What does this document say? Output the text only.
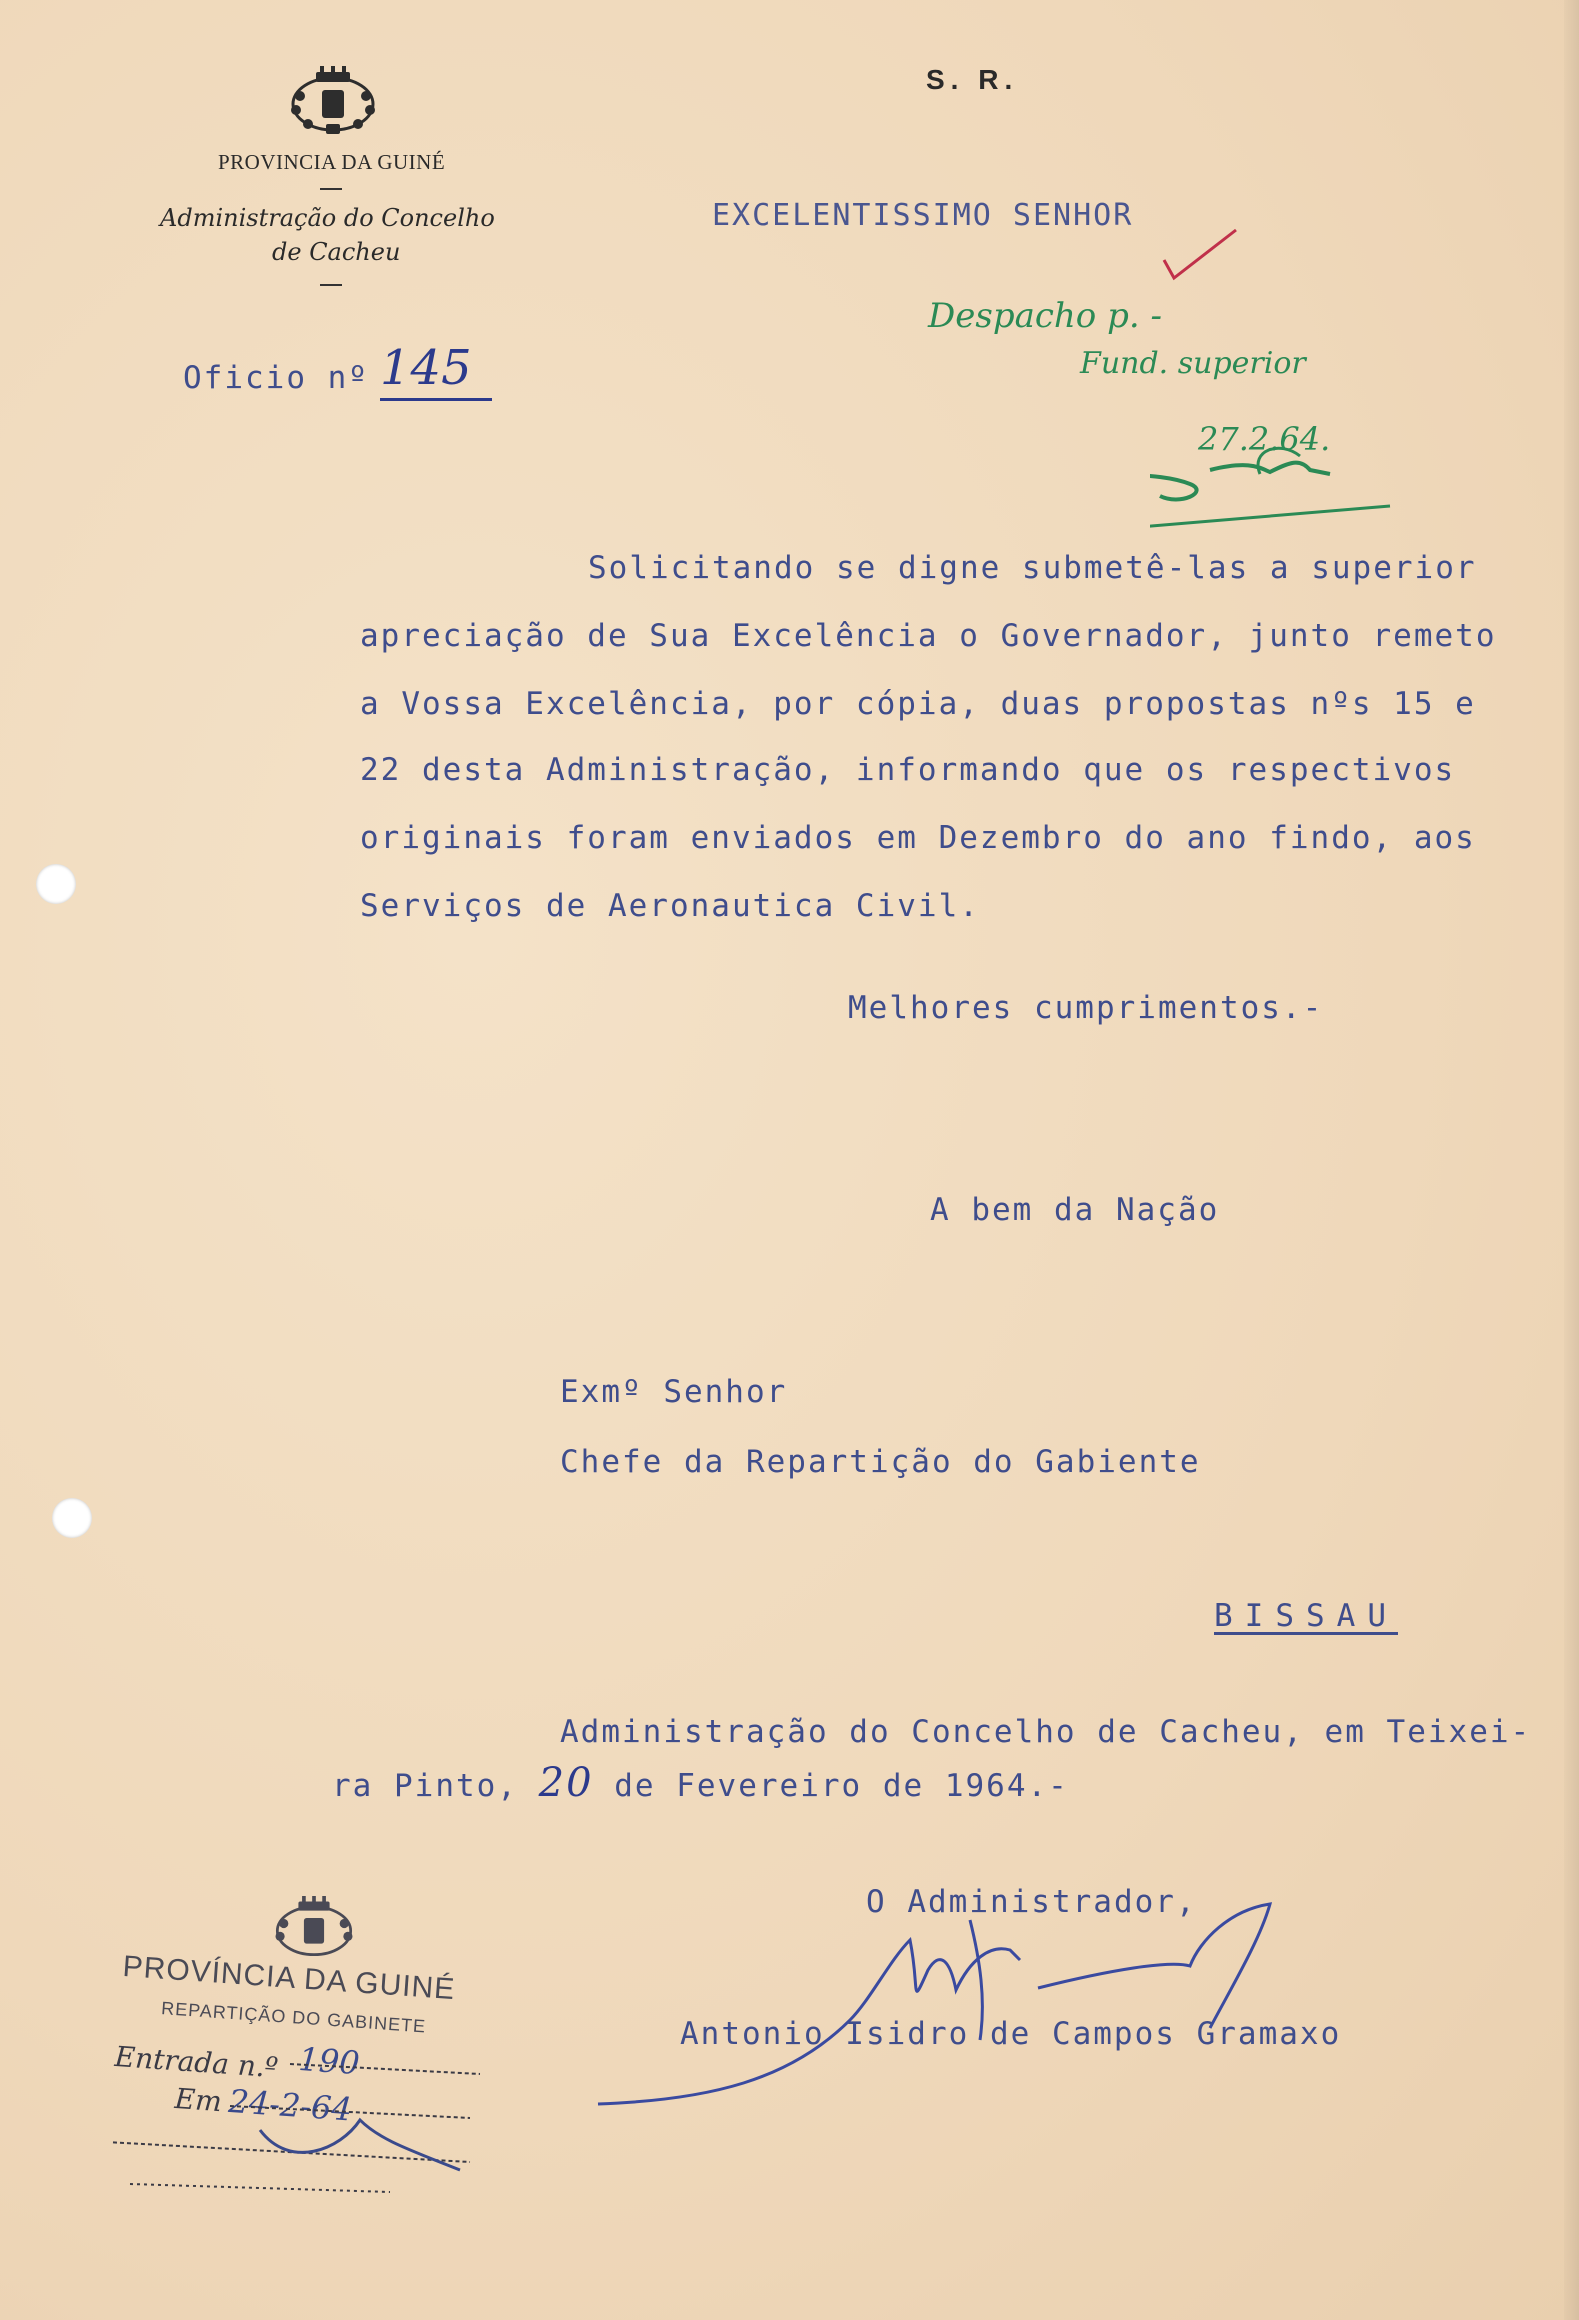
PROVINCIA DA GUINÉ
Administração do Concelho
de Cacheu
S. R.
EXCELENTISSIMO SENHOR
Oficio nº 145
Despacho p. -
Fund. superior
27.2.64.
Solicitando se digne submetê-las a superior
apreciação de Sua Excelência o Governador, junto remeto
a Vossa Excelência, por cópia, duas propostas nºs 15 e
22 desta Administração, informando que os respectivos
originais foram enviados em Dezembro do ano findo, aos
Serviços de Aeronautica Civil.
Melhores cumprimentos.-
A bem da Nação
Exmº Senhor
Chefe da Repartição do Gabiente
BISSAU
Administração do Concelho de Cacheu, em Teixei-
ra Pinto, 20 de Fevereiro de 1964.-
O Administrador,
Antonio Isidro de Campos Gramaxo
PROVÍNCIA DA GUINÉ
REPARTIÇÃO DO GABINETE
Entrada n.º 190
Em 24-2-64
